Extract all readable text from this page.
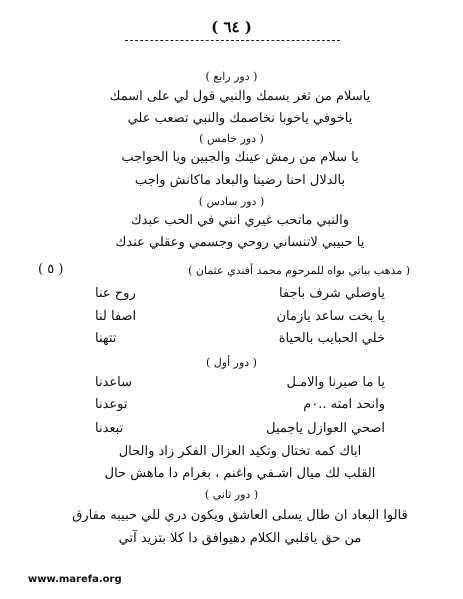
( ٦٤ )
( دور رابع )
ياسلام من ثغر بسمك والنبي قول لي على اسمك
ياخوفي ياخوبا نخاصمك والنبي تصعب علي
( دور خامس )
يا سلام من رمش عينك والجبين ويا الحواجب
بالدلال احنا رضينا والبعاد ماكانش واجب
( دور سادس )
والنبي ماتحب غيري انني في الحب عبدك
يا حبيبي لاتنساني روحي وجسمي وعقلي عندك
( ٥ )	( مذهب بياتي بواه للمرحوم محمد أفندي عثمان )
ياوصلي شرف باجفا
روح عنا
يا بخت ساعد يازمان
اصفا لنا
خلي الحبايب بالحياة
تتهنا
( دور أول )
يا ما صبرنا والامـل
ساعدنا
وانحد امته ..٠م
توعدنا
اصحي العوازل ياجميل
تبعدنا
اباك كمه تختال وتكيد العزال الفكر زاد والحال
القلب لك ميال اشـفي واغنم ، بغرام دا ماهش حال
( دور ثاني )
قالوا البعاد ان طال يسلى العاشق ويكون دري للي حبيبه مفارق
من حق ياقلبي الكلام دهيوافق دا كلا بتزيد آتي
www.marefa.org
